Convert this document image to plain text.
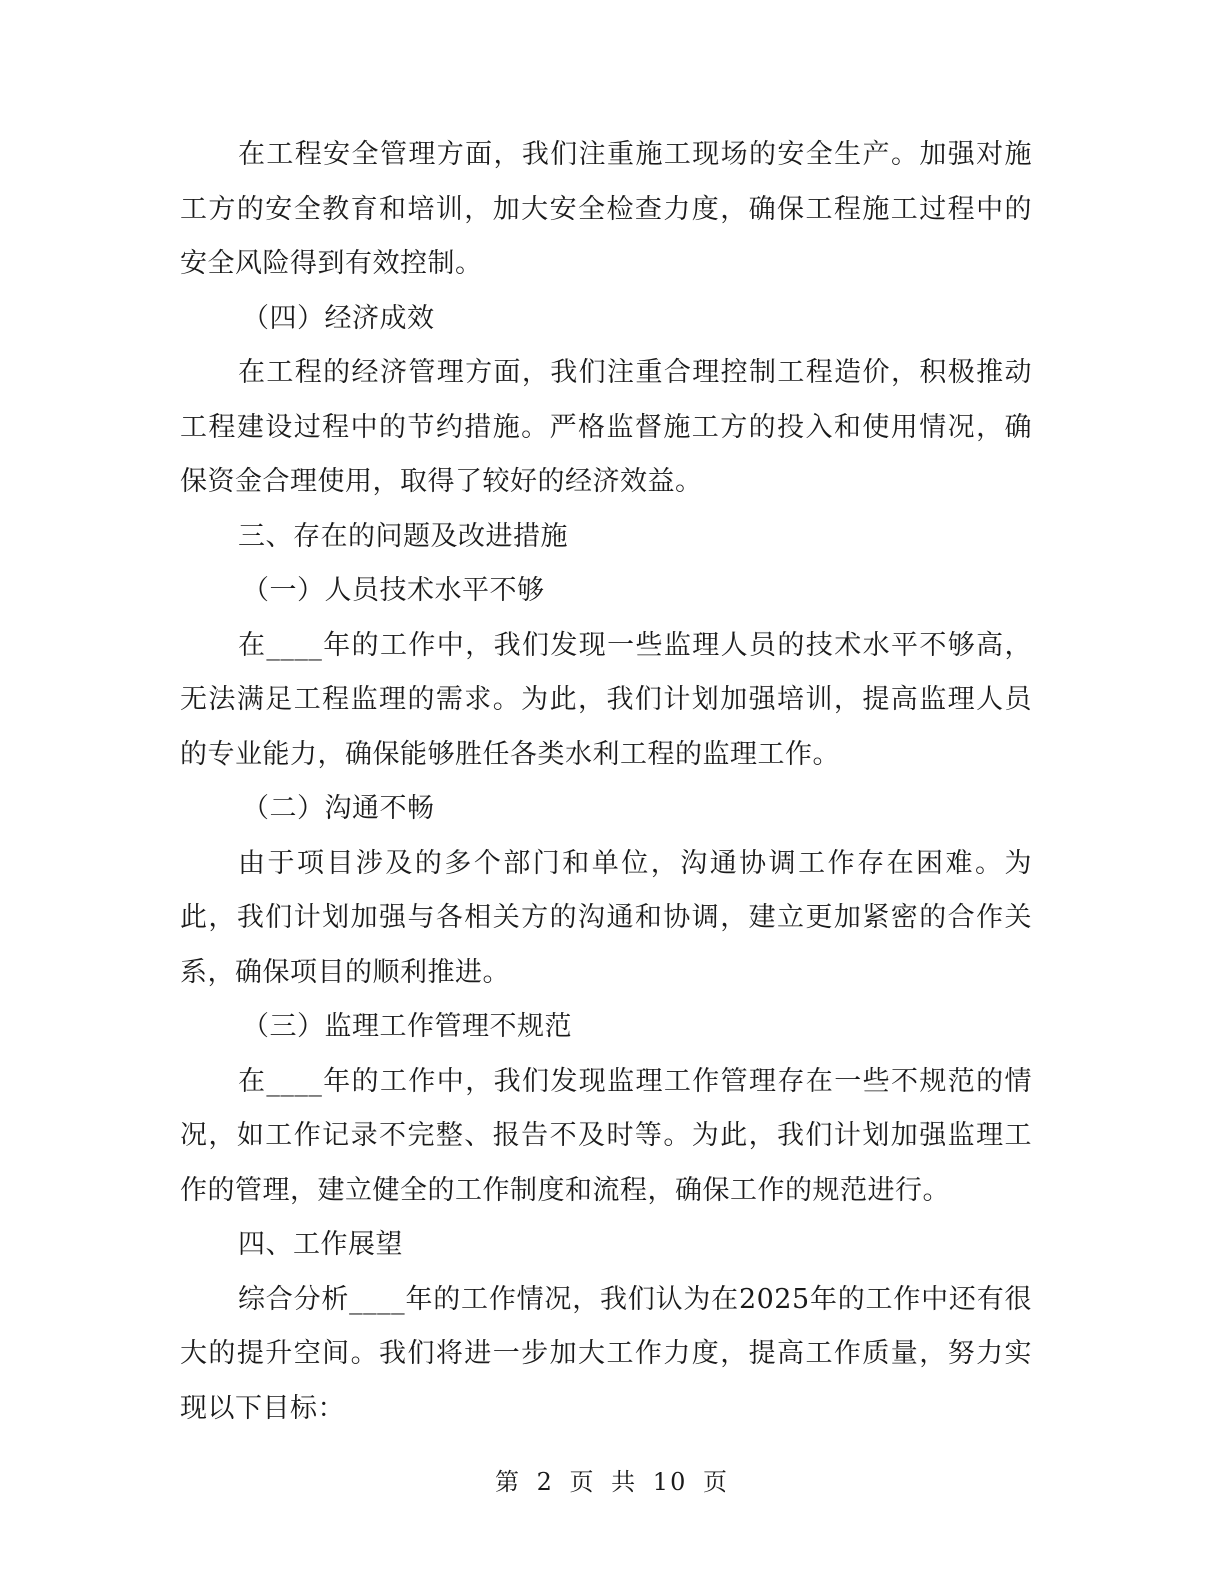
在工程安全管理方面，我们注重施工现场的安全生产。加强对施工方的安全教育和培训，加大安全检查力度，确保工程施工过程中的安全风险得到有效控制。

（四）经济成效

在工程的经济管理方面，我们注重合理控制工程造价，积极推动工程建设过程中的节约措施。严格监督施工方的投入和使用情况，确保资金合理使用，取得了较好的经济效益。

三、存在的问题及改进措施

（一）人员技术水平不够

在____年的工作中，我们发现一些监理人员的技术水平不够高，无法满足工程监理的需求。为此，我们计划加强培训，提高监理人员的专业能力，确保能够胜任各类水利工程的监理工作。

（二）沟通不畅

由于项目涉及的多个部门和单位，沟通协调工作存在困难。为此，我们计划加强与各相关方的沟通和协调，建立更加紧密的合作关系，确保项目的顺利推进。

（三）监理工作管理不规范

在____年的工作中，我们发现监理工作管理存在一些不规范的情况，如工作记录不完整、报告不及时等。为此，我们计划加强监理工作的管理，建立健全的工作制度和流程，确保工作的规范进行。

四、工作展望

综合分析____年的工作情况，我们认为在2025年的工作中还有很大的提升空间。我们将进一步加大工作力度，提高工作质量，努力实现以下目标：

第 2 页 共 10 页
